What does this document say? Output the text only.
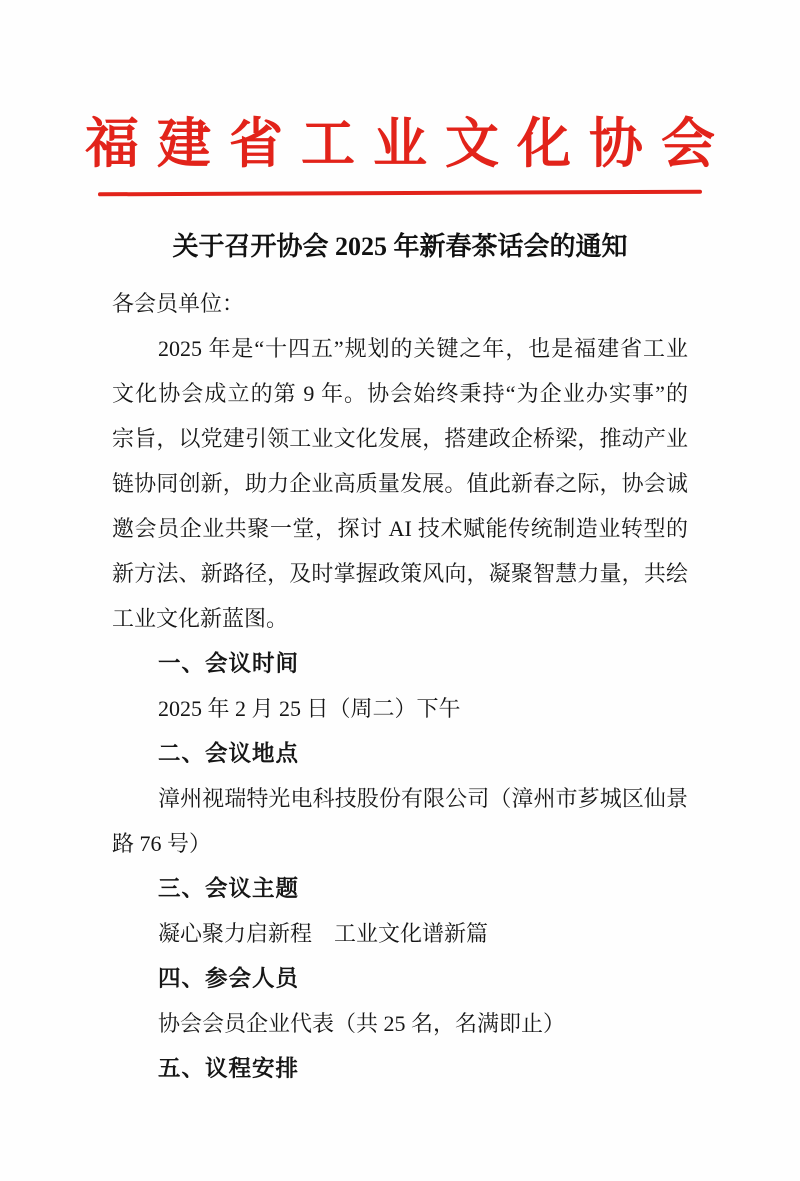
福建省工业文化协会
关于召开协会 2025 年新春茶话会的通知
各会员单位：
2025 年是“十四五”规划的关键之年，也是福建省工业
文化协会成立的第 9 年。协会始终秉持“为企业办实事”的
宗旨，以党建引领工业文化发展，搭建政企桥梁，推动产业
链协同创新，助力企业高质量发展。值此新春之际，协会诚
邀会员企业共聚一堂，探讨 AI 技术赋能传统制造业转型的
新方法、新路径，及时掌握政策风向，凝聚智慧力量，共绘
工业文化新蓝图。
一、会议时间
2025 年 2 月 25 日（周二）下午
二、会议地点
漳州视瑞特光电科技股份有限公司（漳州市芗城区仙景
路 76 号）
三、会议主题
凝心聚力启新程　工业文化谱新篇
四、参会人员
协会会员企业代表（共 25 名，名满即止）
五、议程安排
